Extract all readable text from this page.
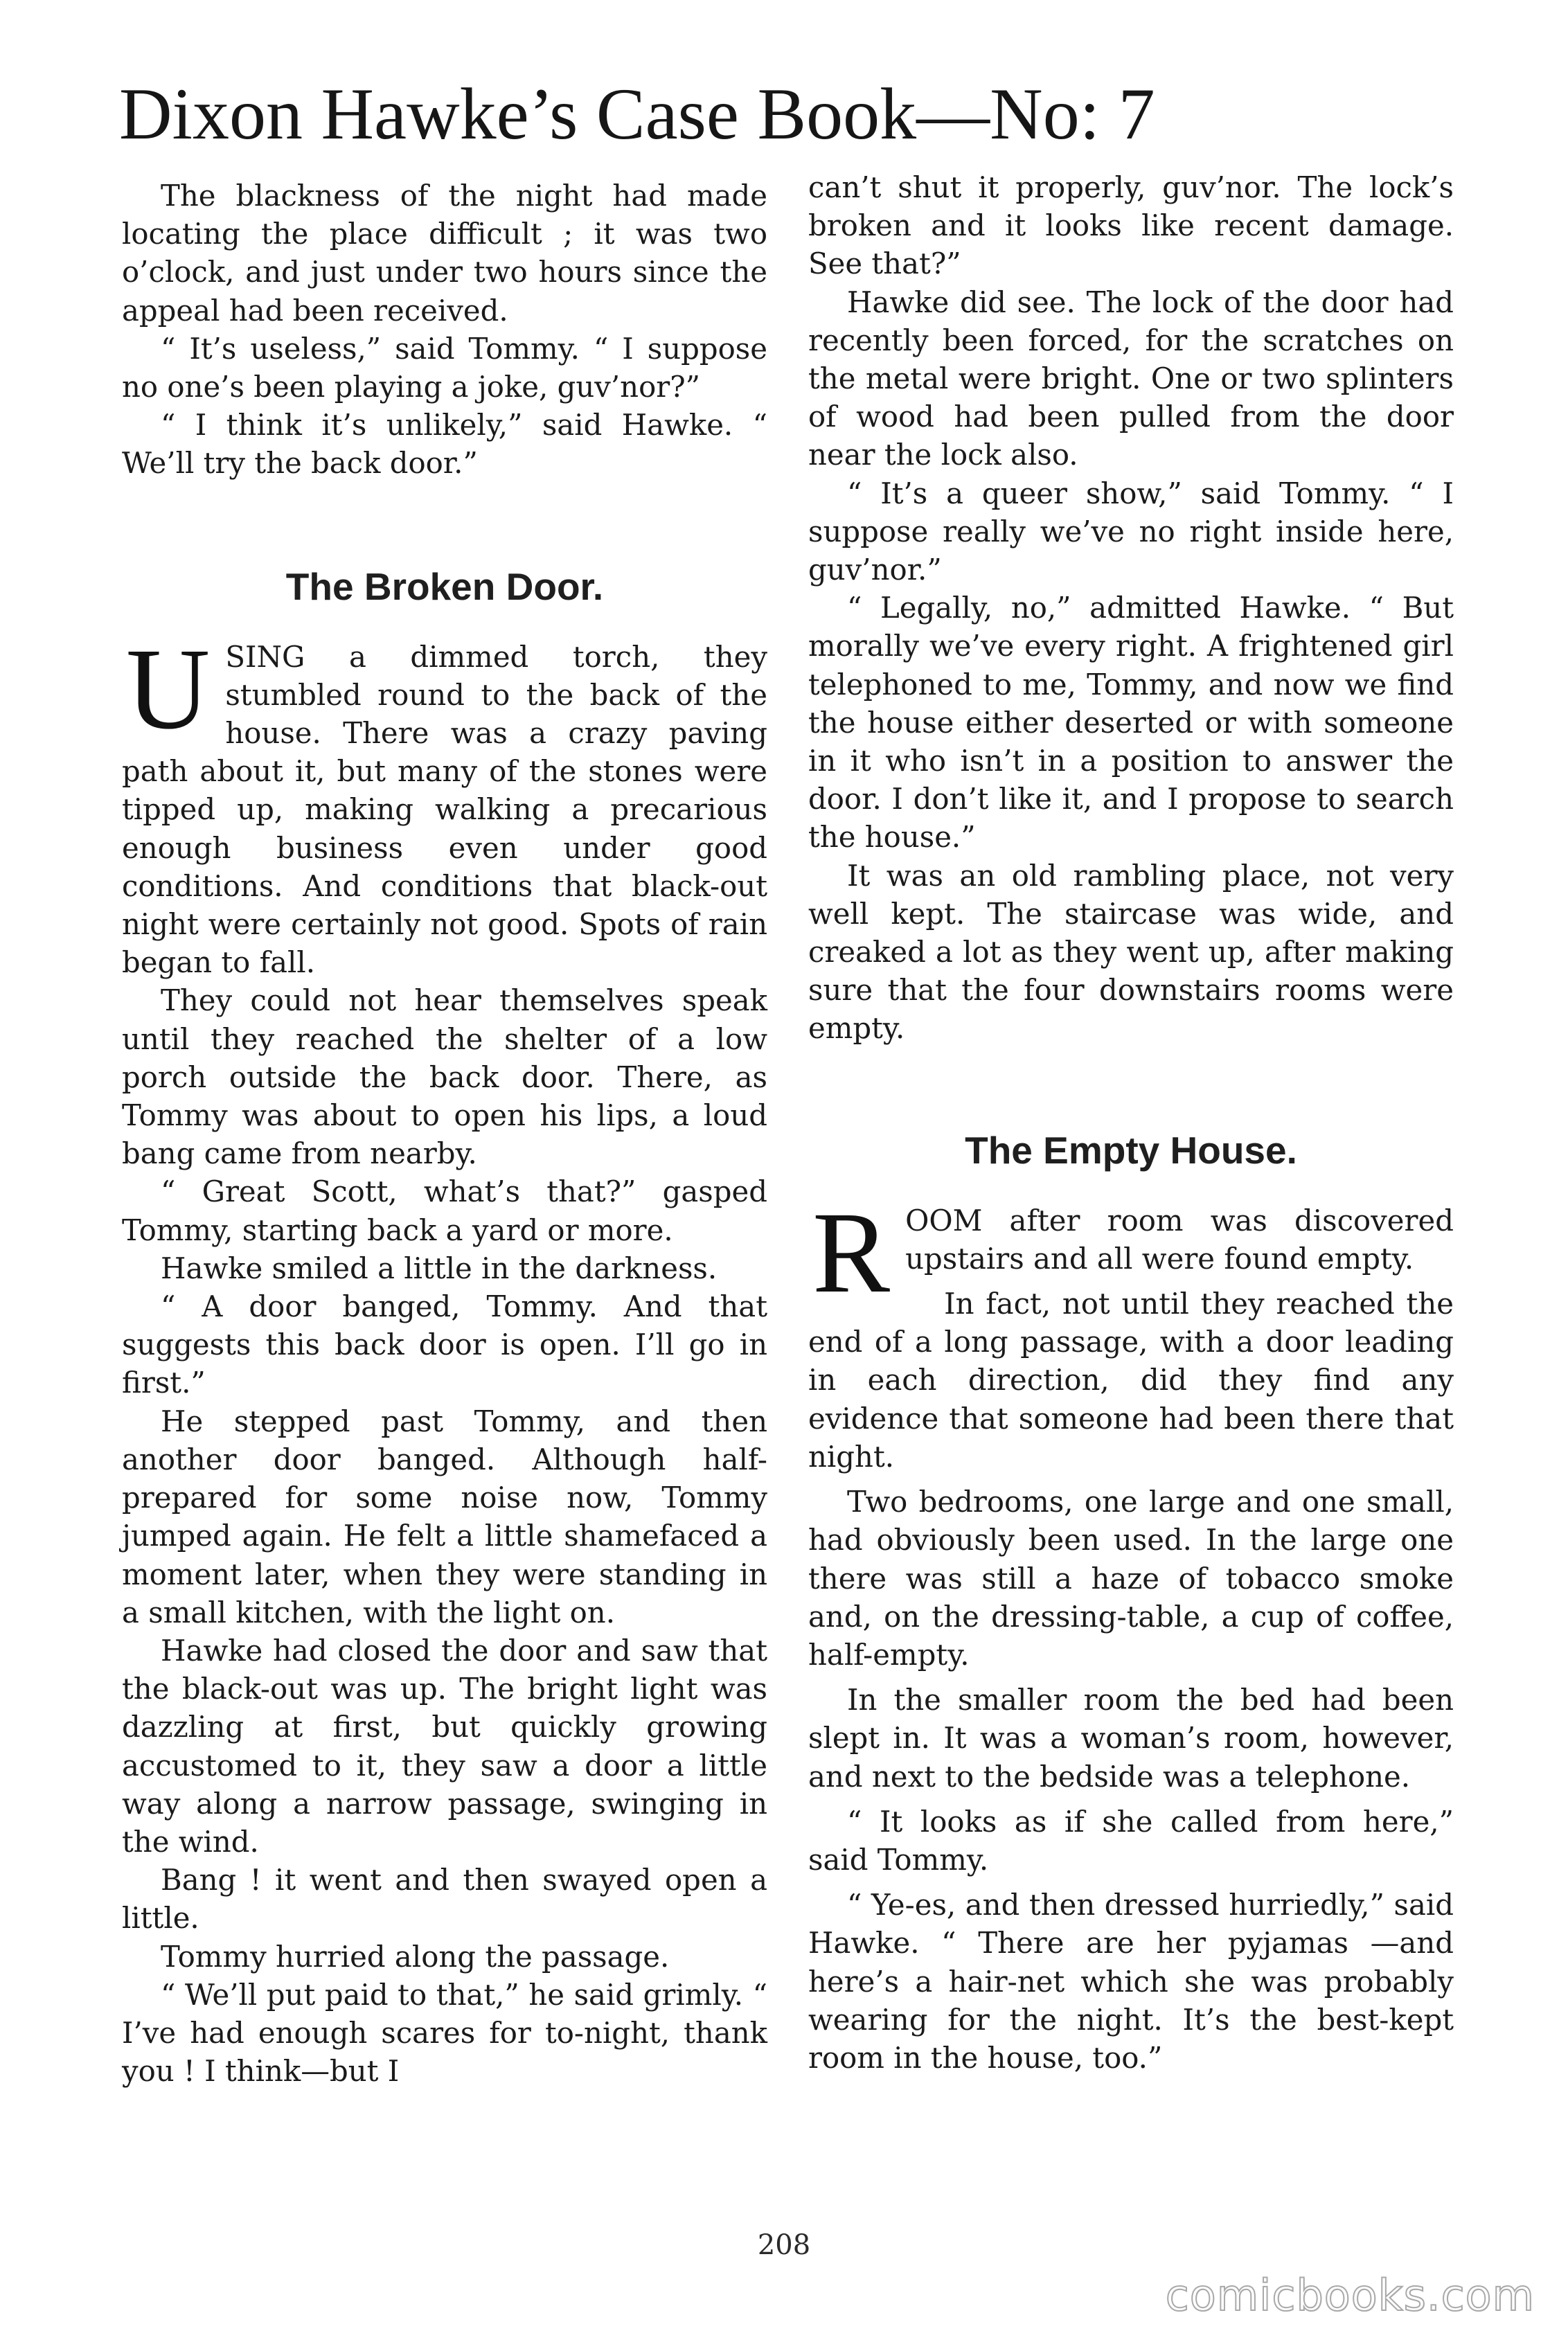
Dixon Hawke’s Case Book—No: 7

The blackness of the night had made locating the place difficult ; it was two o’clock, and just under two hours since the appeal had been received.

“ It’s useless,” said Tommy. “ I suppose no one’s been playing a joke, guv’nor?”

“ I think it’s unlikely,” said Hawke. “ We’ll try the back door.”

The Broken Door.

USING a dimmed torch, they stumbled round to the back of the house. There was a crazy paving path about it, but many of the stones were tipped up, making walking a precarious enough business even under good conditions. And conditions that black-out night were certainly not good. Spots of rain began to fall.

They could not hear themselves speak until they reached the shelter of a low porch outside the back door. There, as Tommy was about to open his lips, a loud bang came from nearby.

“ Great Scott, what’s that?” gasped Tommy, starting back a yard or more.

Hawke smiled a little in the darkness.

“ A door banged, Tommy. And that suggests this back door is open. I’ll go in first.”

He stepped past Tommy, and then another door banged. Although half-prepared for some noise now, Tommy jumped again. He felt a little shamefaced a moment later, when they were standing in a small kitchen, with the light on.

Hawke had closed the door and saw that the black-out was up. The bright light was dazzling at first, but quickly growing accustomed to it, they saw a door a little way along a narrow passage, swinging in the wind.

Bang ! it went and then swayed open a little.

Tommy hurried along the passage.

“ We’ll put paid to that,” he said grimly. “ I’ve had enough scares for to-night, thank you ! I think—but I

can’t shut it properly, guv’nor. The lock’s broken and it looks like recent damage. See that?”

Hawke did see. The lock of the door had recently been forced, for the scratches on the metal were bright. One or two splinters of wood had been pulled from the door near the lock also.

“ It’s a queer show,” said Tommy. “ I suppose really we’ve no right inside here, guv’nor.”

“ Legally, no,” admitted Hawke. “ But morally we’ve every right. A frightened girl telephoned to me, Tommy, and now we find the house either deserted or with someone in it who isn’t in a position to answer the door. I don’t like it, and I propose to search the house.”

It was an old rambling place, not very well kept. The staircase was wide, and creaked a lot as they went up, after making sure that the four downstairs rooms were empty.

The Empty House.

ROOM after room was discovered upstairs and all were found empty.

In fact, not until they reached the end of a long passage, with a door leading in each direction, did they find any evidence that someone had been there that night.

Two bedrooms, one large and one small, had obviously been used. In the large one there was still a haze of tobacco smoke and, on the dressing-table, a cup of coffee, half-empty.

In the smaller room the bed had been slept in. It was a woman’s room, however, and next to the bedside was a telephone.

“ It looks as if she called from here,” said Tommy.

“ Ye-es, and then dressed hurriedly,” said Hawke. “ There are her pyjamas —and here’s a hair-net which she was probably wearing for the night. It’s the best-kept room in the house, too.”

208
comicbooks.com
